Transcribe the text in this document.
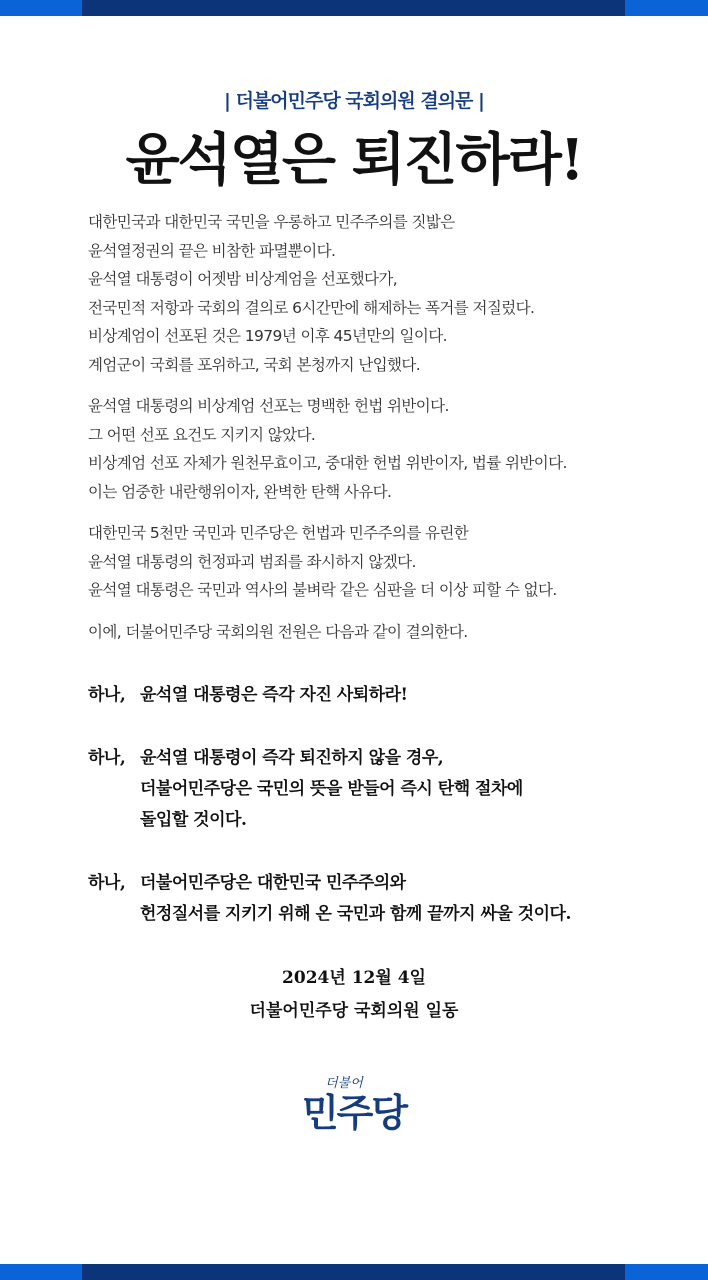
| 더불어민주당 국회의원 결의문 |
윤석열은 퇴진하라!

대한민국과 대한민국 국민을 우롱하고 민주주의를 짓밟은
윤석열정권의 끝은 비참한 파멸뿐이다.
윤석열 대통령이 어젯밤 비상계엄을 선포했다가,
전국민적 저항과 국회의 결의로 6시간만에 해제하는 폭거를 저질렀다.
비상계엄이 선포된 것은 1979년 이후 45년만의 일이다.
계엄군이 국회를 포위하고, 국회 본청까지 난입했다.

윤석열 대통령의 비상계엄 선포는 명백한 헌법 위반이다.
그 어떤 선포 요건도 지키지 않았다.
비상계엄 선포 자체가 원천무효이고, 중대한 헌법 위반이자, 법률 위반이다.
이는 엄중한 내란행위이자, 완벽한 탄핵 사유다.

대한민국 5천만 국민과 민주당은 헌법과 민주주의를 유린한
윤석열 대통령의 헌정파괴 범죄를 좌시하지 않겠다.
윤석열 대통령은 국민과 역사의 불벼락 같은 심판을 더 이상 피할 수 없다.

이에, 더불어민주당 국회의원 전원은 다음과 같이 결의한다.

하나, 윤석열 대통령은 즉각 자진 사퇴하라!
하나, 윤석열 대통령이 즉각 퇴진하지 않을 경우,
더불어민주당은 국민의 뜻을 받들어 즉시 탄핵 절차에
돌입할 것이다.
하나, 더불어민주당은 대한민국 민주주의와
헌정질서를 지키기 위해 온 국민과 함께 끝까지 싸울 것이다.
2024년 12월 4일
더불어민주당 국회의원 일동
더불어
민주당
